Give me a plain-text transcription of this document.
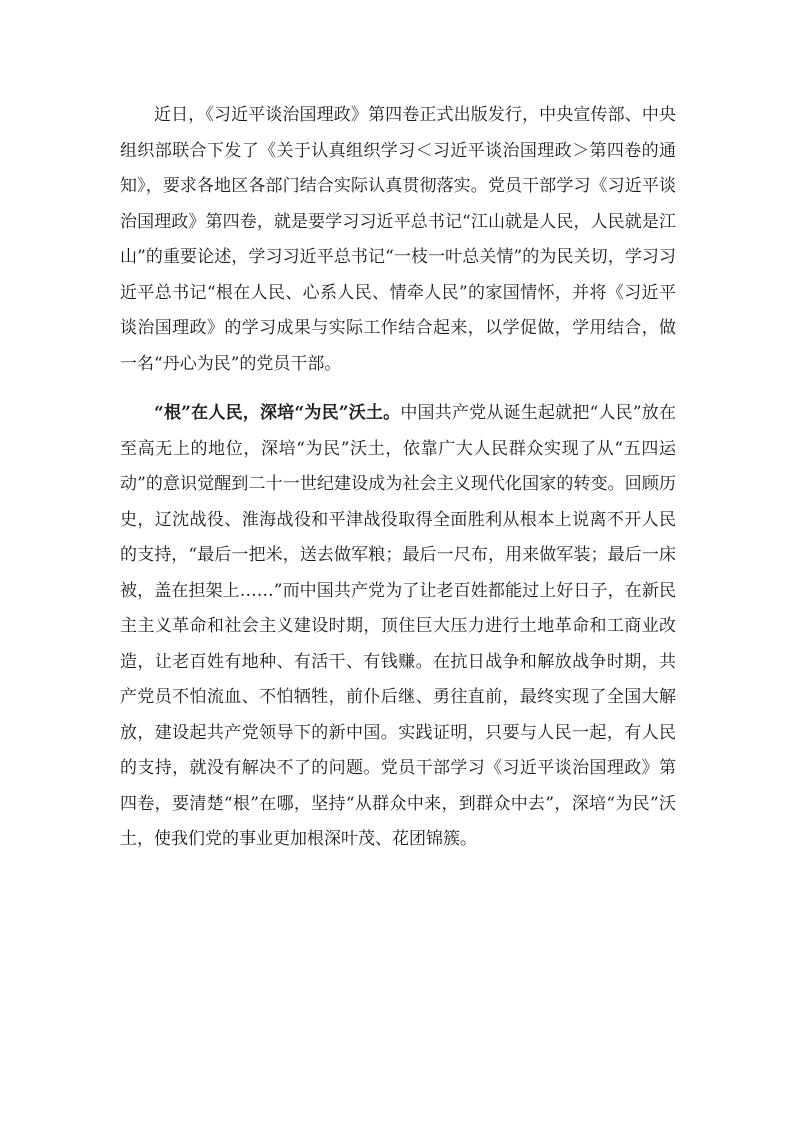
近日，《习近平谈治国理政》第四卷正式出版发行，中央宣传部、中央组织部联合下发了《关于认真组织学习＜习近平谈治国理政＞第四卷的通知》，要求各地区各部门结合实际认真贯彻落实。党员干部学习《习近平谈治国理政》第四卷，就是要学习习近平总书记“江山就是人民，人民就是江山”的重要论述，学习习近平总书记“一枝一叶总关情”的为民关切，学习习近平总书记“根在人民、心系人民、情牵人民”的家国情怀，并将《习近平谈治国理政》的学习成果与实际工作结合起来，以学促做，学用结合，做一名“丹心为民”的党员干部。

“根”在人民，深培“为民”沃土。中国共产党从诞生起就把“人民”放在至高无上的地位，深培“为民”沃土，依靠广大人民群众实现了从“五四运动”的意识觉醒到二十一世纪建设成为社会主义现代化国家的转变。回顾历史，辽沈战役、淮海战役和平津战役取得全面胜利从根本上说离不开人民的支持，“最后一把米，送去做军粮；最后一尺布，用来做军装；最后一床被，盖在担架上……”而中国共产党为了让老百姓都能过上好日子，在新民主主义革命和社会主义建设时期，顶住巨大压力进行土地革命和工商业改造，让老百姓有地种、有活干、有钱赚。在抗日战争和解放战争时期，共产党员不怕流血、不怕牺牲，前仆后继、勇往直前，最终实现了全国大解放，建设起共产党领导下的新中国。实践证明，只要与人民一起，有人民的支持，就没有解决不了的问题。党员干部学习《习近平谈治国理政》第四卷，要清楚“根”在哪，坚持“从群众中来，到群众中去”，深培“为民”沃土，使我们党的事业更加根深叶茂、花团锦簇。
